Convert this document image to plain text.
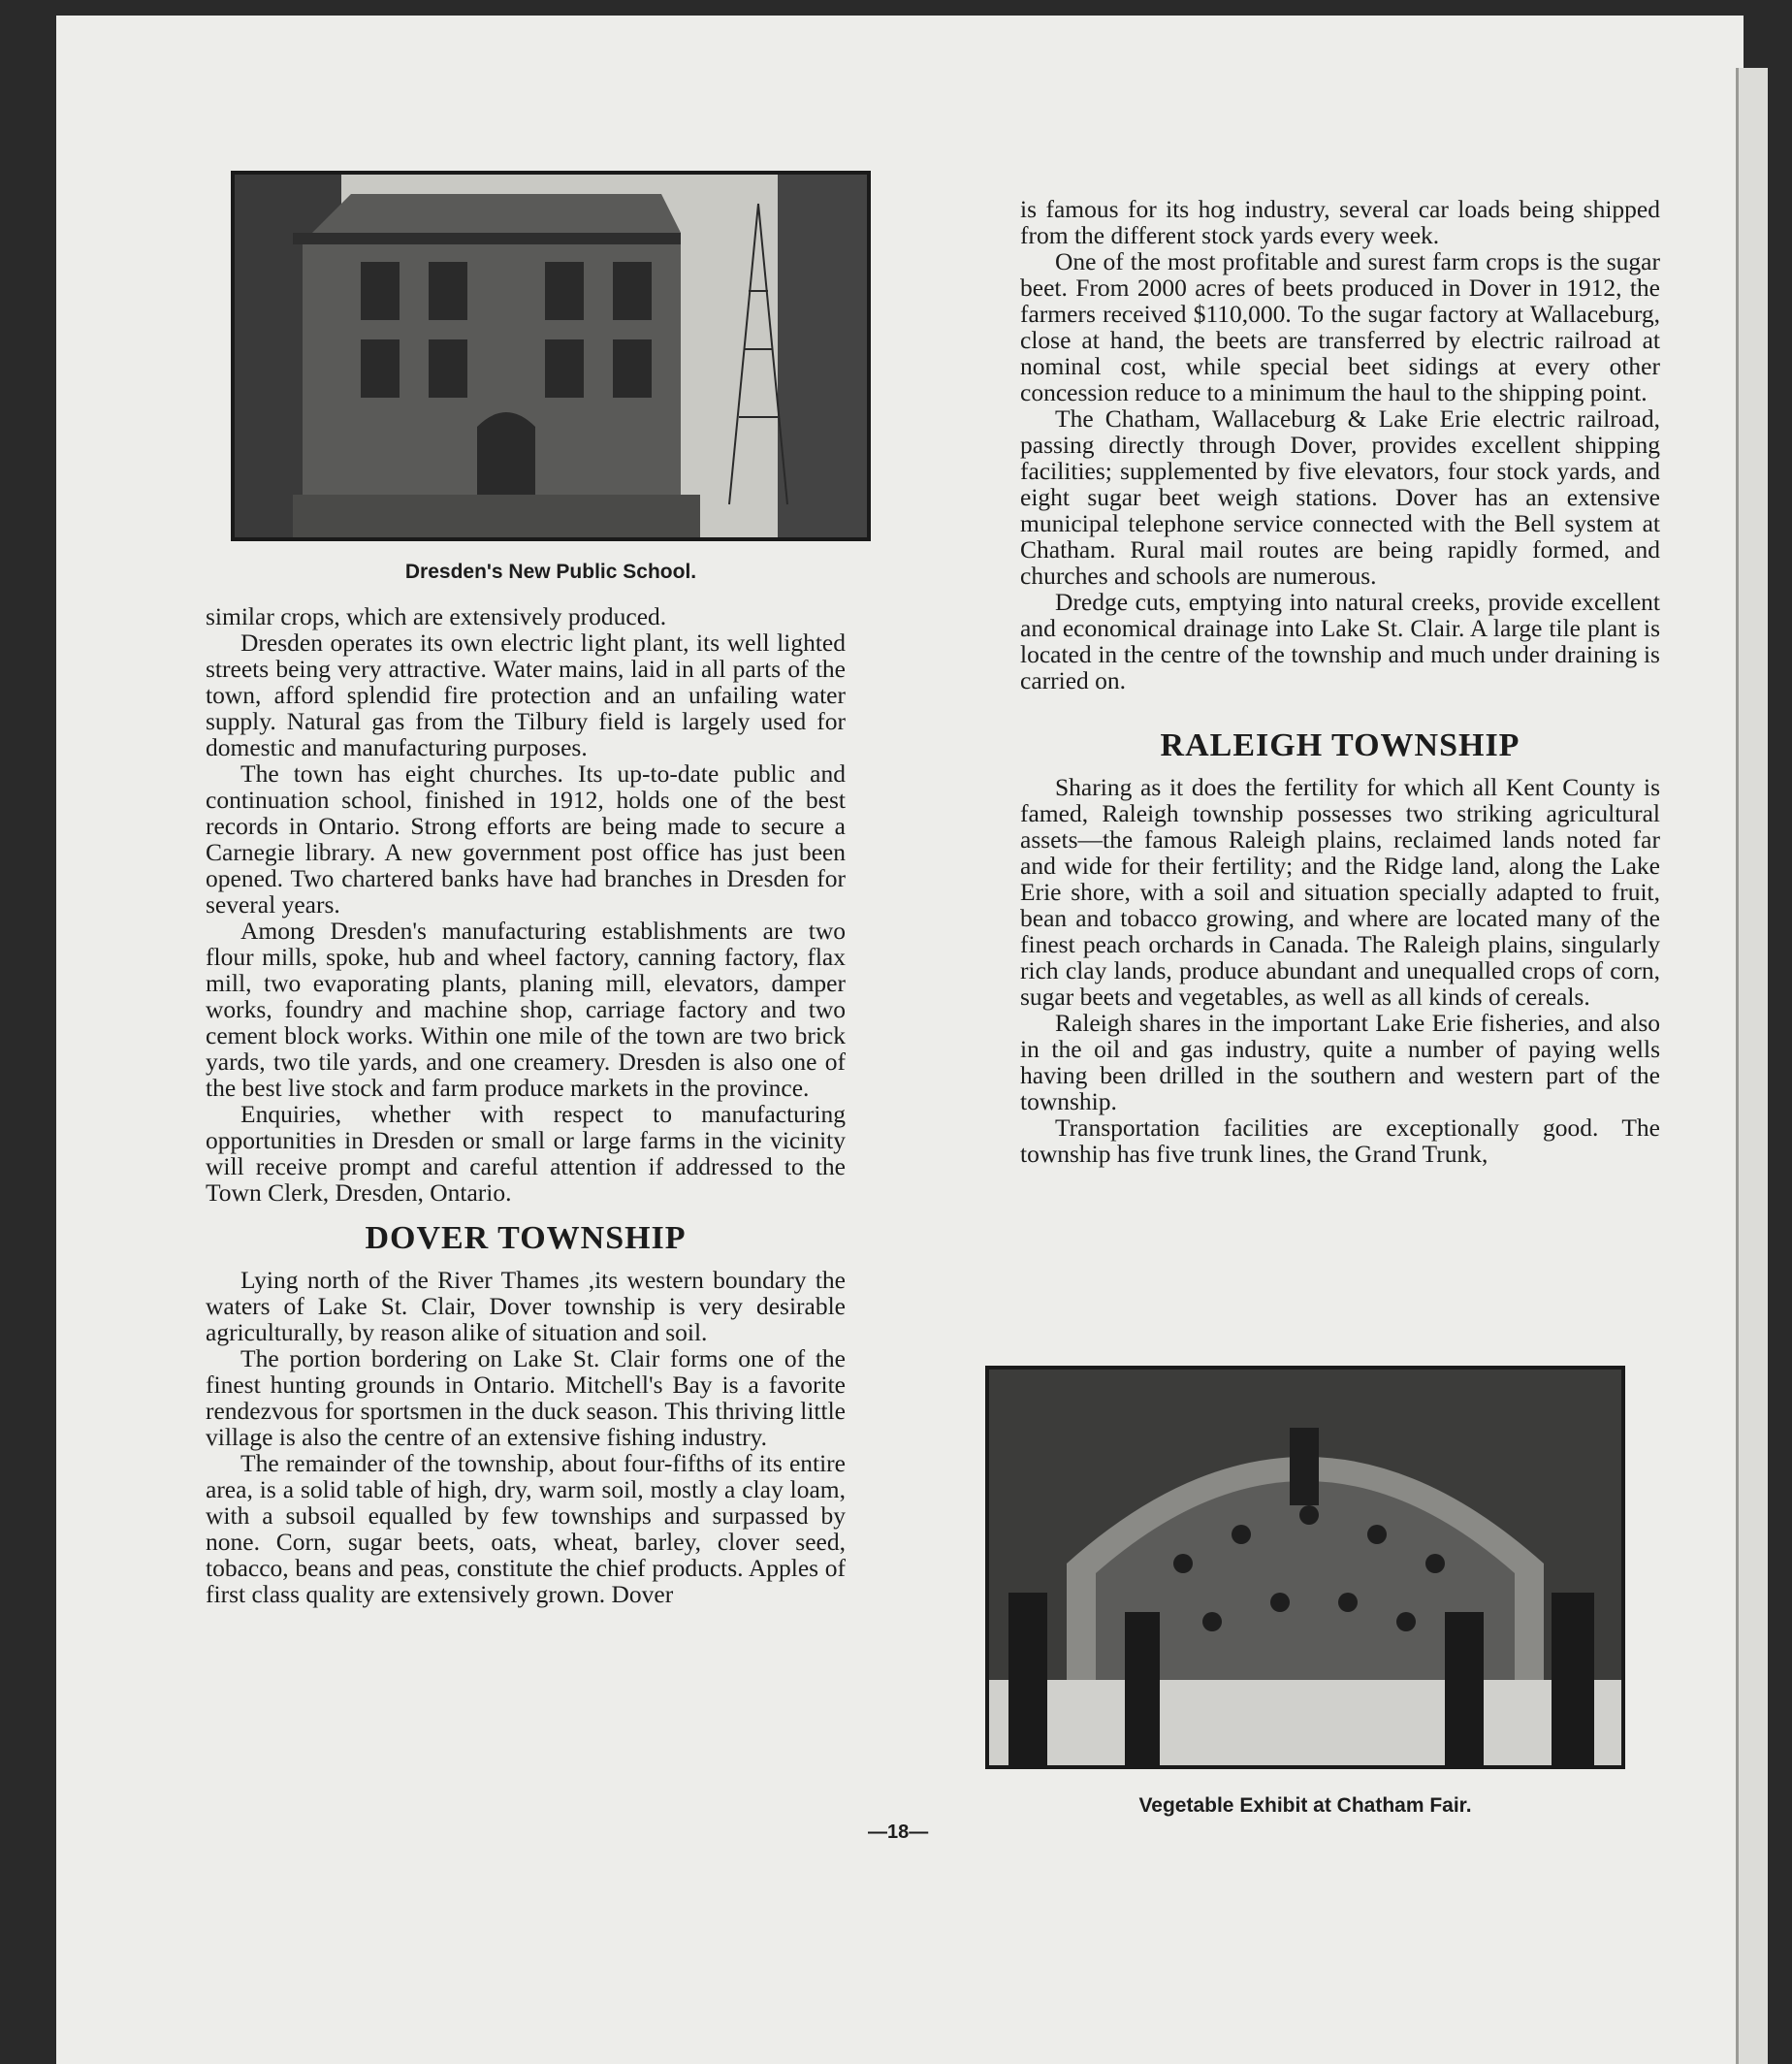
Dresden's New Public School.

similar crops, which are extensively produced.

Dresden operates its own electric light plant, its well lighted streets being very attractive. Water mains, laid in all parts of the town, afford splendid fire protection and an unfailing water supply. Natural gas from the Tilbury field is largely used for domestic and manufacturing purposes.

The town has eight churches. Its up-to-date public and continuation school, finished in 1912, holds one of the best records in Ontario. Strong efforts are being made to secure a Carnegie library. A new government post office has just been opened. Two chartered banks have had branches in Dresden for several years.

Among Dresden's manufacturing establishments are two flour mills, spoke, hub and wheel factory, canning factory, flax mill, two evaporating plants, planing mill, elevators, damper works, foundry and machine shop, carriage factory and two cement block works. Within one mile of the town are two brick yards, two tile yards, and one creamery. Dresden is also one of the best live stock and farm produce markets in the province.

Enquiries, whether with respect to manufacturing opportunities in Dresden or small or large farms in the vicinity will receive prompt and careful attention if addressed to the Town Clerk, Dresden, Ontario.

DOVER TOWNSHIP

Lying north of the River Thames ,its western boundary the waters of Lake St. Clair, Dover township is very desirable agriculturally, by reason alike of situation and soil.

The portion bordering on Lake St. Clair forms one of the finest hunting grounds in Ontario. Mitchell's Bay is a favorite rendezvous for sportsmen in the duck season. This thriving little village is also the centre of an extensive fishing industry.

The remainder of the township, about four-fifths of its entire area, is a solid table of high, dry, warm soil, mostly a clay loam, with a subsoil equalled by few townships and surpassed by none. Corn, sugar beets, oats, wheat, barley, clover seed, tobacco, beans and peas, constitute the chief products. Apples of first class quality are extensively grown. Dover

is famous for its hog industry, several car loads being shipped from the different stock yards every week.

One of the most profitable and surest farm crops is the sugar beet. From 2000 acres of beets produced in Dover in 1912, the farmers received $110,000. To the sugar factory at Wallaceburg, close at hand, the beets are transferred by electric railroad at nominal cost, while special beet sidings at every other concession reduce to a minimum the haul to the shipping point.

The Chatham, Wallaceburg & Lake Erie electric railroad, passing directly through Dover, provides excellent shipping facilities; supplemented by five elevators, four stock yards, and eight sugar beet weigh stations. Dover has an extensive municipal telephone service connected with the Bell system at Chatham. Rural mail routes are being rapidly formed, and churches and schools are numerous.

Dredge cuts, emptying into natural creeks, provide excellent and economical drainage into Lake St. Clair. A large tile plant is located in the centre of the township and much under draining is carried on.

RALEIGH TOWNSHIP

Sharing as it does the fertility for which all Kent County is famed, Raleigh township possesses two striking agricultural assets—the famous Raleigh plains, reclaimed lands noted far and wide for their fertility; and the Ridge land, along the Lake Erie shore, with a soil and situation specially adapted to fruit, bean and tobacco growing, and where are located many of the finest peach orchards in Canada. The Raleigh plains, singularly rich clay lands, produce abundant and unequalled crops of corn, sugar beets and vegetables, as well as all kinds of cereals.

Raleigh shares in the important Lake Erie fisheries, and also in the oil and gas industry, quite a number of paying wells having been drilled in the southern and western part of the township.

Transportation facilities are exceptionally good. The township has five trunk lines, the Grand Trunk,

Vegetable Exhibit at Chatham Fair.
—18—
